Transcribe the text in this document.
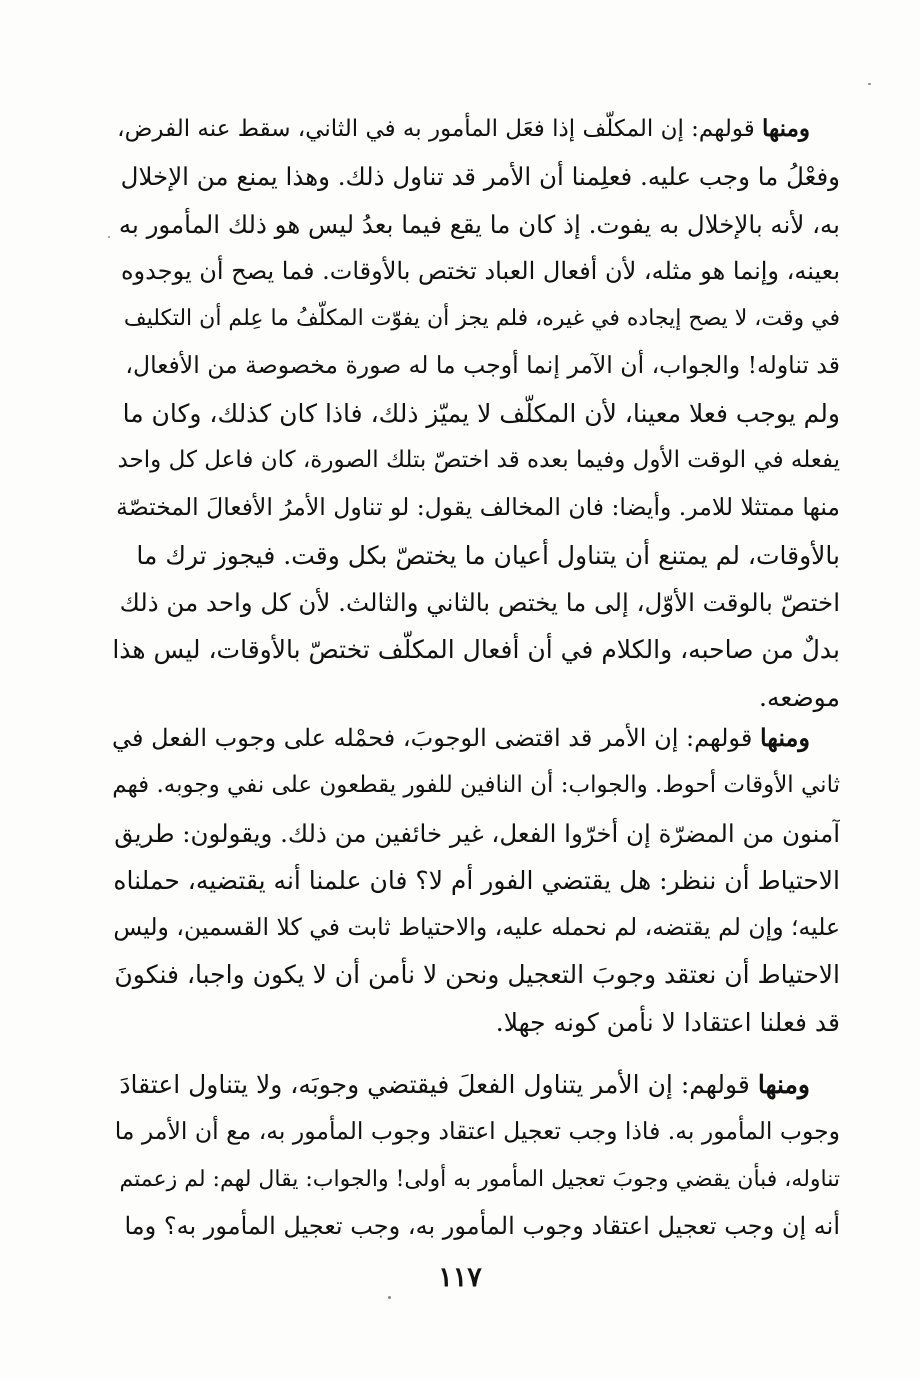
ومنها قولهم: إن المكلّف إذا فعَل المأمور به في الثاني، سقط عنه الفرض،
وفعْلُ ما وجب عليه. فعلِمنا أن الأمر قد تناول ذلك. وهذا يمنع من الإخلال
به، لأنه بالإخلال به يفوت. إذ كان ما يقع فيما بعدُ ليس هو ذلك المأمور به
بعينه، وإنما هو مثله، لأن أفعال العباد تختص بالأوقات. فما يصح أن يوجدوه
في وقت، لا يصح إيجاده في غيره، فلم يجز أن يفوّت المكلّفُ ما عِلم أن التكليف
قد تناوله! والجواب، أن الآمر إنما أوجب ما له صورة مخصوصة من الأفعال،
ولم يوجب فعلا معينا، لأن المكلّف لا يميّز ذلك، فاذا كان كذلك، وكان ما
يفعله في الوقت الأول وفيما بعده قد اختصّ بتلك الصورة، كان فاعل كل واحد
منها ممتثلا للامر. وأيضا: فان المخالف يقول: لو تناول الأمرُ الأفعالَ المختصّة
بالأوقات، لم يمتنع أن يتناول أعيان ما يختصّ بكل وقت. فيجوز ترك ما
اختصّ بالوقت الأوّل، إلى ما يختص بالثاني والثالث. لأن كل واحد من ذلك
بدلٌ من صاحبه، والكلام في أن أفعال المكلّف تختصّ بالأوقات، ليس هذا
موضعه.
ومنها قولهم: إن الأمر قد اقتضى الوجوبَ، فحمْله على وجوب الفعل في
ثاني الأوقات أحوط. والجواب: أن النافين للفور يقطعون على نفي وجوبه. فهم
آمنون من المضرّة إن أخرّوا الفعل، غير خائفين من ذلك. ويقولون: طريق
الاحتياط أن ننظر: هل يقتضي الفور أم لا؟ فان علمنا أنه يقتضيه، حملناه
عليه؛ وإن لم يقتضه، لم نحمله عليه، والاحتياط ثابت في كلا القسمين، وليس
الاحتياط أن نعتقد وجوبَ التعجيل ونحن لا نأمن أن لا يكون واجبا، فنكونَ
قد فعلنا اعتقادا لا نأمن كونه جهلا.
ومنها قولهم: إن الأمر يتناول الفعلَ فيقتضي وجوبَه، ولا يتناول اعتقادَ
وجوب المأمور به. فاذا وجب تعجيل اعتقاد وجوب المأمور به، مع أن الأمر ما
تناوله، فبأن يقضي وجوبَ تعجيل المأمور به أولى! والجواب: يقال لهم: لم زعمتم
أنه إن وجب تعجيل اعتقاد وجوب المأمور به، وجب تعجيل المأمور به؟ وما
١١٧
